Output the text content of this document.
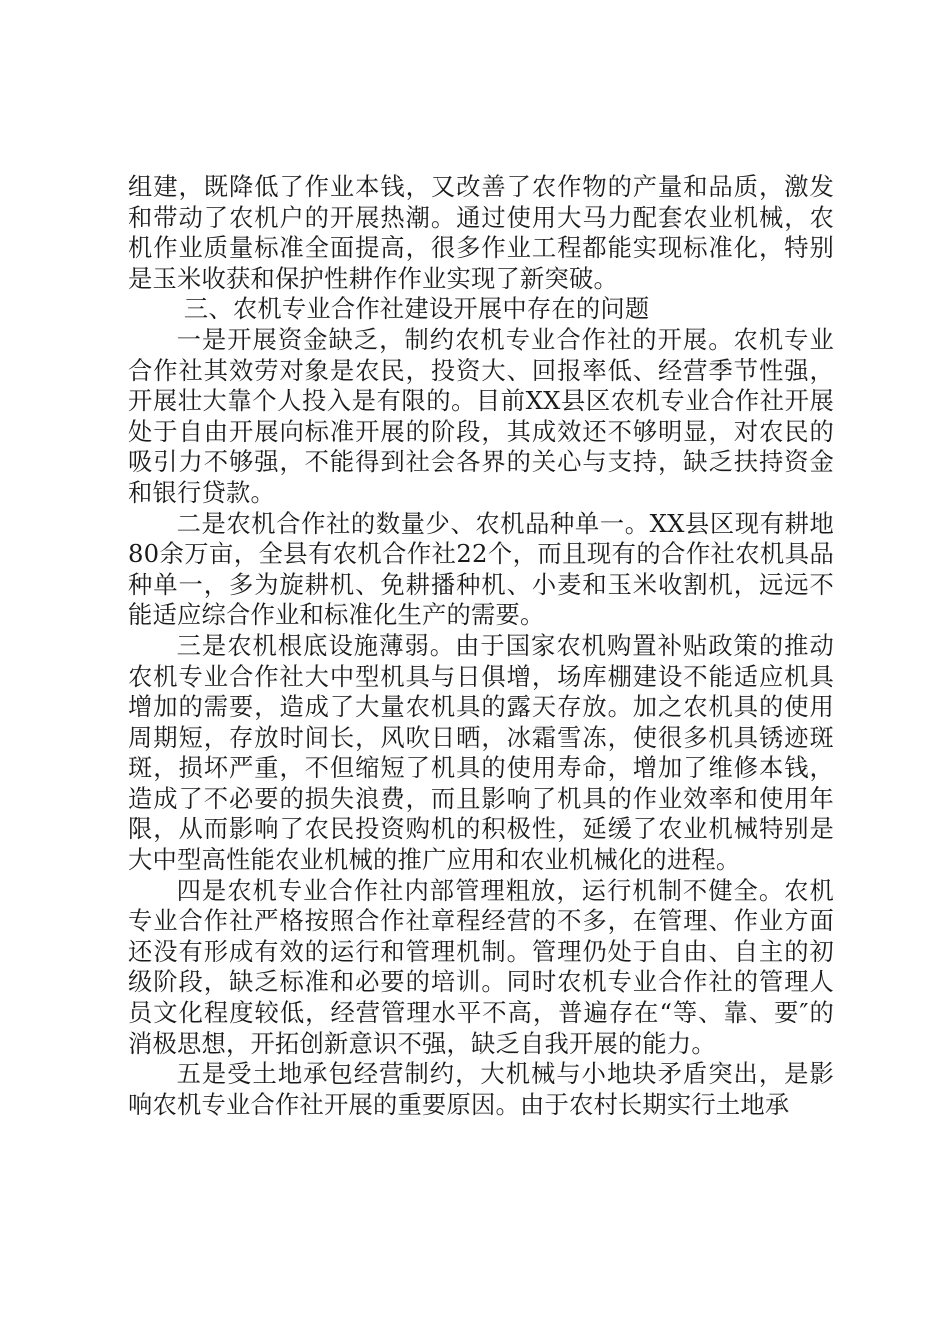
组建，既降低了作业本钱，又改善了农作物的产量和品质，激发和带动了农机户的开展热潮。通过使用大马力配套农业机械，农机作业质量标准全面提高，很多作业工程都能实现标准化，特别是玉米收获和保护性耕作作业实现了新突破。

三、农机专业合作社建设开展中存在的问题

一是开展资金缺乏，制约农机专业合作社的开展。农机专业合作社其效劳对象是农民，投资大、回报率低、经营季节性强，开展壮大靠个人投入是有限的。目前XX县区农机专业合作社开展处于自由开展向标准开展的阶段，其成效还不够明显，对农民的吸引力不够强，不能得到社会各界的关心与支持，缺乏扶持资金和银行贷款。

二是农机合作社的数量少、农机品种单一。XX县区现有耕地80余万亩，全县有农机合作社22个，而且现有的合作社农机具品种单一，多为旋耕机、免耕播种机、小麦和玉米收割机，远远不能适应综合作业和标准化生产的需要。

三是农机根底设施薄弱。由于国家农机购置补贴政策的推动农机专业合作社大中型机具与日俱增，场库棚建设不能适应机具增加的需要，造成了大量农机具的露天存放。加之农机具的使用周期短，存放时间长，风吹日晒，冰霜雪冻，使很多机具锈迹斑斑，损坏严重，不但缩短了机具的使用寿命，增加了维修本钱，造成了不必要的损失浪费，而且影响了机具的作业效率和使用年限，从而影响了农民投资购机的积极性，延缓了农业机械特别是大中型高性能农业机械的推广应用和农业机械化的进程。

四是农机专业合作社内部管理粗放，运行机制不健全。农机专业合作社严格按照合作社章程经营的不多，在管理、作业方面还没有形成有效的运行和管理机制。管理仍处于自由、自主的初级阶段，缺乏标准和必要的培训。同时农机专业合作社的管理人员文化程度较低，经营管理水平不高，普遍存在“等、靠、要″的消极思想，开拓创新意识不强，缺乏自我开展的能力。

五是受土地承包经营制约，大机械与小地块矛盾突出，是影响农机专业合作社开展的重要原因。由于农村长期实行土地承
